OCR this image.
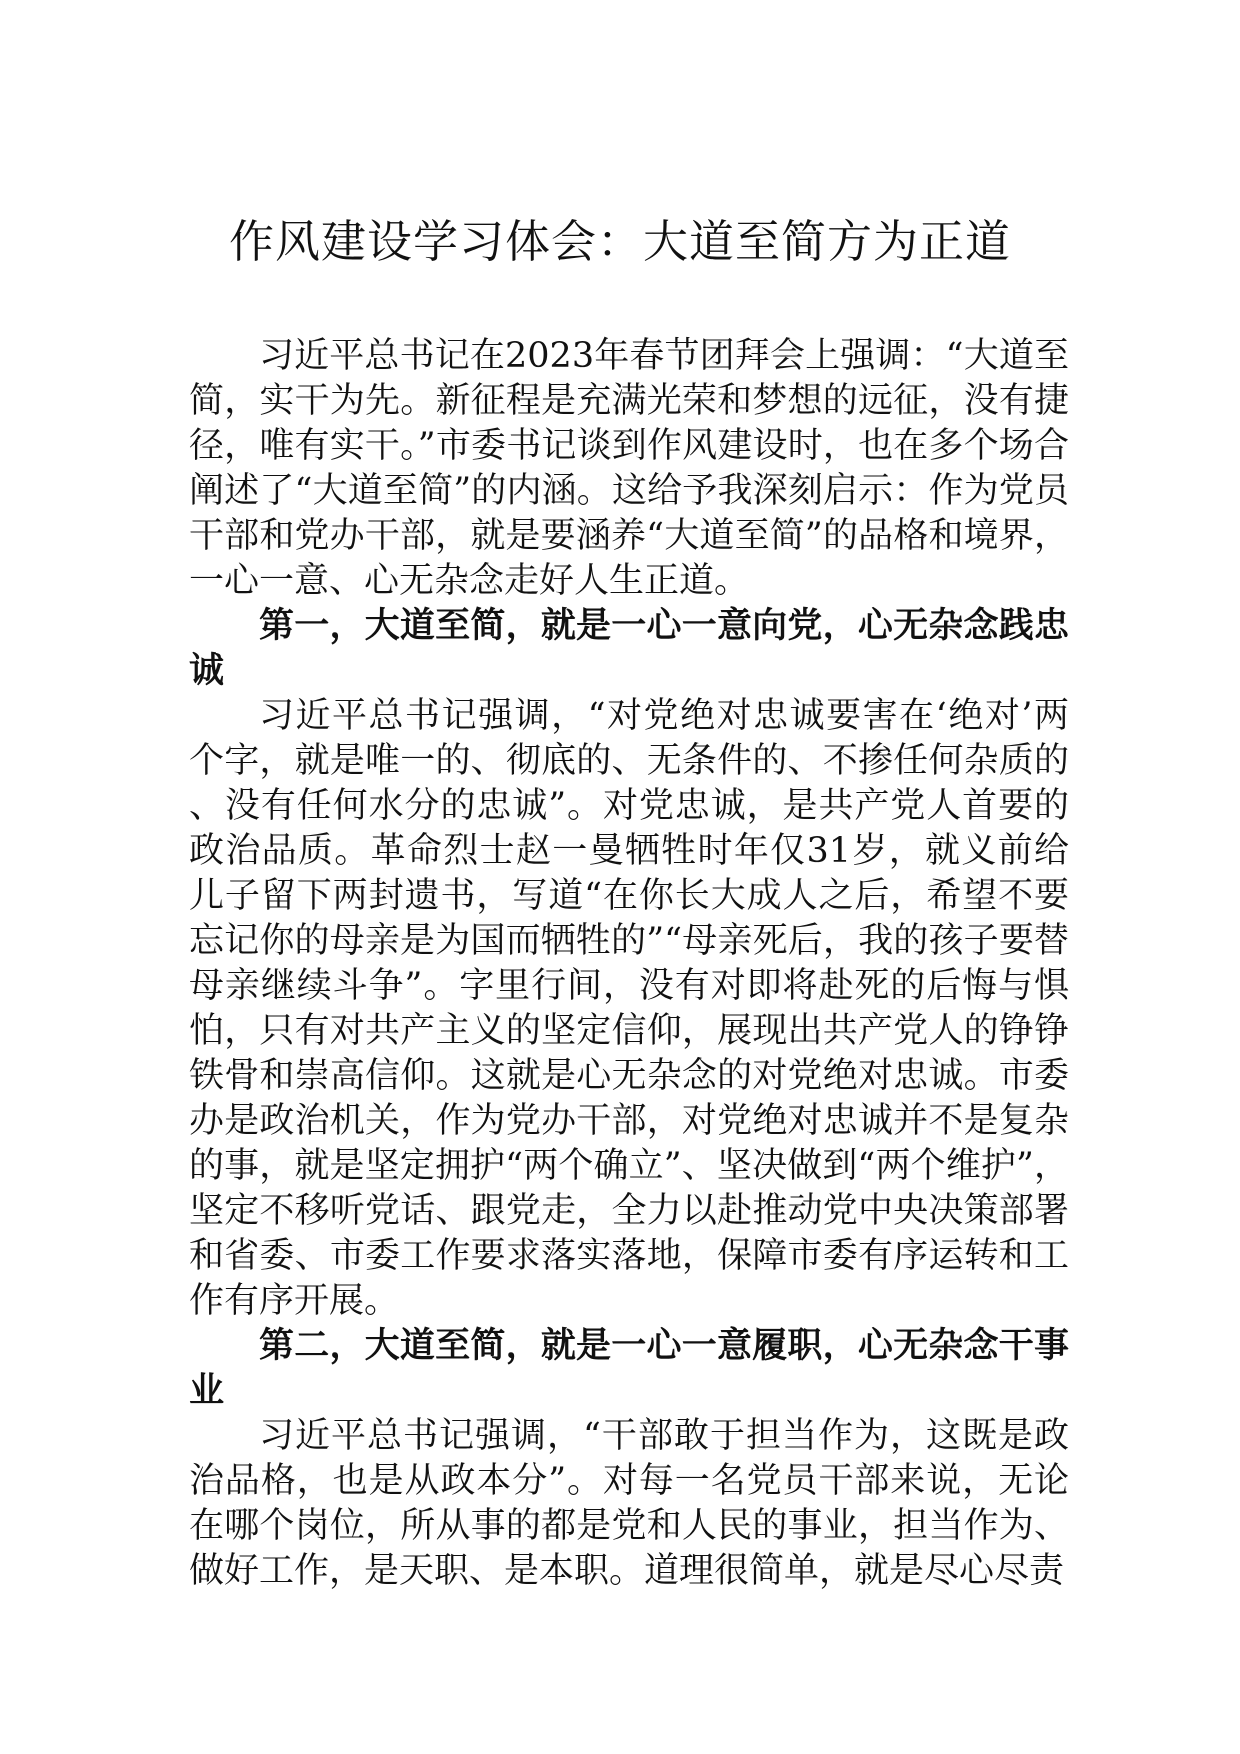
作风建设学习体会：大道至简方为正道

习近平总书记在2023年春节团拜会上强调：“大道至简，实干为先。新征程是充满光荣和梦想的远征，没有捷径，唯有实干。”市委书记谈到作风建设时，也在多个场合阐述了“大道至简”的内涵。这给予我深刻启示：作为党员干部和党办干部，就是要涵养“大道至简”的品格和境界，一心一意、心无杂念走好人生正道。

第一，大道至简，就是一心一意向党，心无杂念践忠诚

习近平总书记强调，“对党绝对忠诚要害在‘绝对’两个字，就是唯一的、彻底的、无条件的、不掺任何杂质的、没有任何水分的忠诚”。对党忠诚，是共产党人首要的政治品质。革命烈士赵一曼牺牲时年仅31岁，就义前给儿子留下两封遗书，写道“在你长大成人之后，希望不要忘记你的母亲是为国而牺牲的”“母亲死后，我的孩子要替母亲继续斗争”。字里行间，没有对即将赴死的后悔与惧怕，只有对共产主义的坚定信仰，展现出共产党人的铮铮铁骨和崇高信仰。这就是心无杂念的对党绝对忠诚。市委办是政治机关，作为党办干部，对党绝对忠诚并不是复杂的事，就是坚定拥护“两个确立”、坚决做到“两个维护”，坚定不移听党话、跟党走，全力以赴推动党中央决策部署和省委、市委工作要求落实落地，保障市委有序运转和工作有序开展。

第二，大道至简，就是一心一意履职，心无杂念干事业

习近平总书记强调，“干部敢于担当作为，这既是政治品格，也是从政本分”。对每一名党员干部来说，无论在哪个岗位，所从事的都是党和人民的事业，担当作为、做好工作，是天职、是本职。道理很简单，就是尽心尽责
